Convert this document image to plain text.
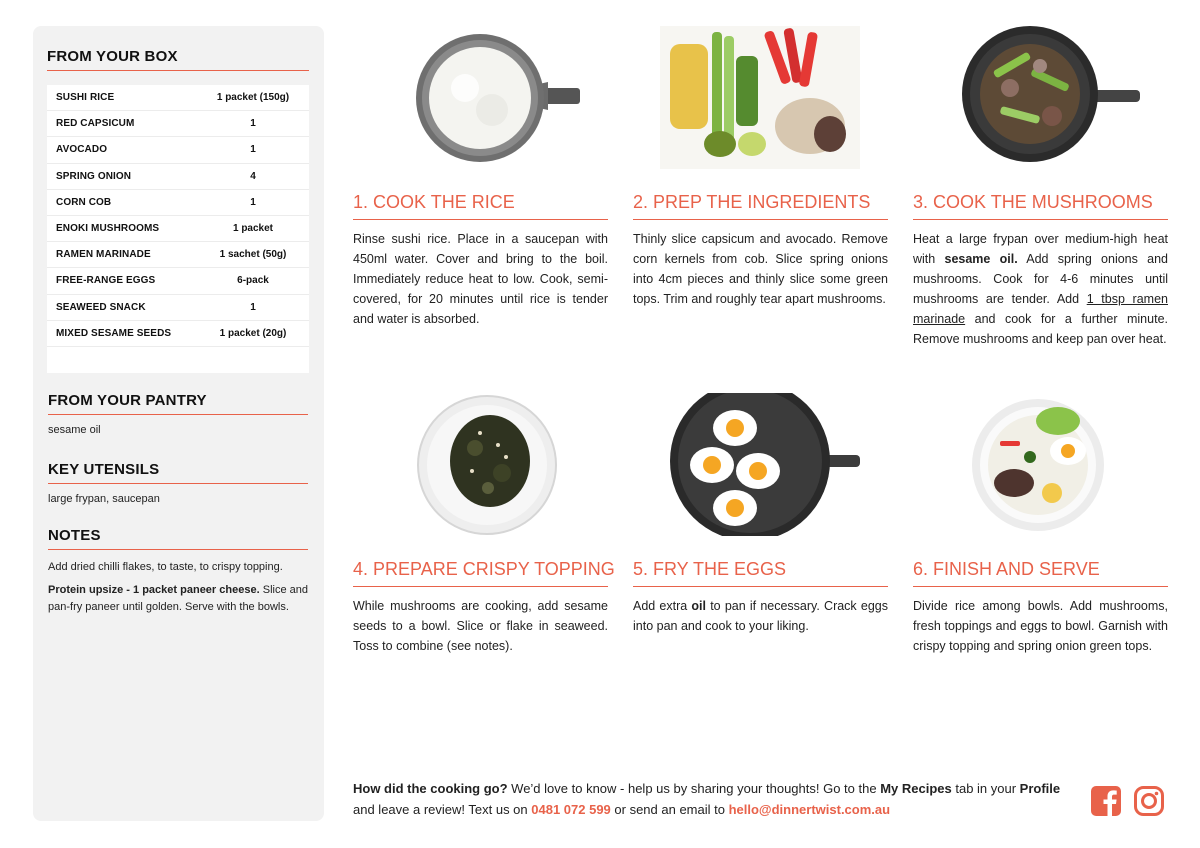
FROM YOUR BOX
SUSHI RICE	1 packet (150g)
RED CAPSICUM	1
AVOCADO	1
SPRING ONION	4
CORN COB	1
ENOKI MUSHROOMS	1 packet
RAMEN MARINADE	1 sachet (50g)
FREE-RANGE EGGS	6-pack
SEAWEED SNACK	1
MIXED SESAME SEEDS	1 packet (20g)
FROM YOUR PANTRY
sesame oil
KEY UTENSILS
large frypan, saucepan
NOTES

Add dried chilli flakes, to taste, to crispy topping.

Protein upsize - 1 packet paneer cheese. Slice and pan-fry paneer until golden. Serve with the bowls.

1. COOK THE RICE
Rinse sushi rice. Place in a saucepan with 450ml water. Cover and bring to the boil. Immediately reduce heat to low. Cook, semi-covered, for 20 minutes until rice is tender and water is absorbed.
2. PREP THE INGREDIENTS
Thinly slice capsicum and avocado. Remove corn kernels from cob. Slice spring onions into 4cm pieces and thinly slice some green tops. Trim and roughly tear apart mushrooms.
3. COOK THE MUSHROOMS
Heat a large frypan over medium-high heat with sesame oil. Add spring onions and mushrooms. Cook for 4-6 minutes until mushrooms are tender. Add 1 tbsp ramen marinade and cook for a further minute. Remove mushrooms and keep pan over heat.
4. PREPARE CRISPY TOPPING
While mushrooms are cooking, add sesame seeds to a bowl. Slice or flake in seaweed. Toss to combine (see notes).
5. FRY THE EGGS
Add extra oil to pan if necessary. Crack eggs into pan and cook to your liking.
6. FINISH AND SERVE
Divide rice among bowls. Add mushrooms, fresh toppings and eggs to bowl. Garnish with crispy topping and spring onion green tops.
How did the cooking go? We’d love to know - help us by sharing your thoughts! Go to the My Recipes tab in your Profile and leave a review! Text us on 0481 072 599 or send an email to hello@dinnertwist.com.au
